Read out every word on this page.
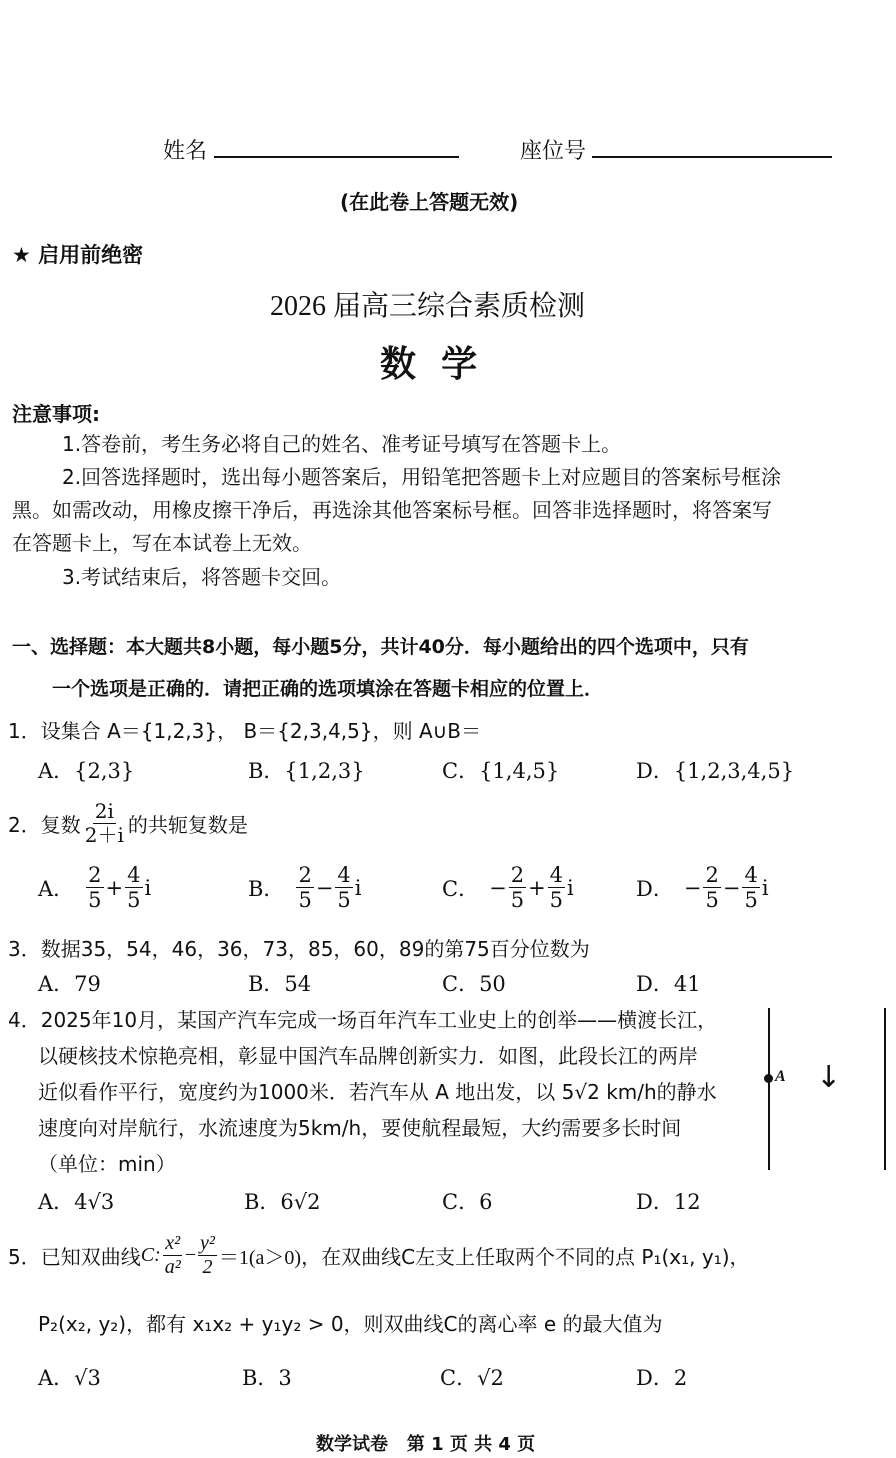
姓名	座位号
(在此卷上答题无效)
★ 启用前绝密
2026 届高三综合素质检测
数  学
注意事项:
1.答卷前，考生务必将自己的姓名、准考证号填写在答题卡上。
2.回答选择题时，选出每小题答案后，用铅笔把答题卡上对应题目的答案标号框涂
黑。如需改动，用橡皮擦干净后，再选涂其他答案标号框。回答非选择题时，将答案写
在答题卡上，写在本试卷上无效。
3.考试结束后，将答题卡交回。
一、选择题：本大题共8小题，每小题5分，共计40分．每小题给出的四个选项中，只有
一个选项是正确的．请把正确的选项填涂在答题卡相应的位置上．
1．设集合 A＝{1,2,3}， B＝{2,3,4,5}，则 A∪B＝
A．{2,3}	B．{1,2,3}	C．{1,4,5}	D．{1,2,3,4,5}
2．复数 $\frac{2i}{2+i}$ 的共轭复数是
A． $\frac{2}{5} + \frac{4}{5}$ i	B． $\frac{2}{5} - \frac{4}{5}$ i	C． − $\frac{2}{5} + \frac{4}{5}$ i	D． − $\frac{2}{5} - \frac{4}{5}$ i
3．数据35，54，46，36，73，85，60，89的第75百分位数为
A．79	B．54	C．50	D．41
4．2025年10月，某国产汽车完成一场百年汽车工业史上的创举——横渡长江，
以硬核技术惊艳亮相，彰显中国汽车品牌创新实力．如图，此段长江的两岸
近似看作平行，宽度约为1000米．若汽车从 A 地出发，以 5√2 km/h的静水
速度向对岸航行，水流速度为5km/h，要使航程最短，大约需要多长时间
（单位：min）
A ↓
A．4√3	B．6√2	C．6	D．12
5．已知双曲线 C: $\frac{\text{x²}}{\text{a²}} - \frac{\text{y²}}{2} =1(a>0)$ ，在双曲线C左支上任取两个不同的点 P₁(x₁, y₁)，
P₂(x₂, y₂)，都有 x₁x₂ + y₁y₂ > 0，则双曲线C的离心率 e 的最大值为
A．√3	B．3	C．√2	D．2
数学试卷   第 1 页 共 4 页
